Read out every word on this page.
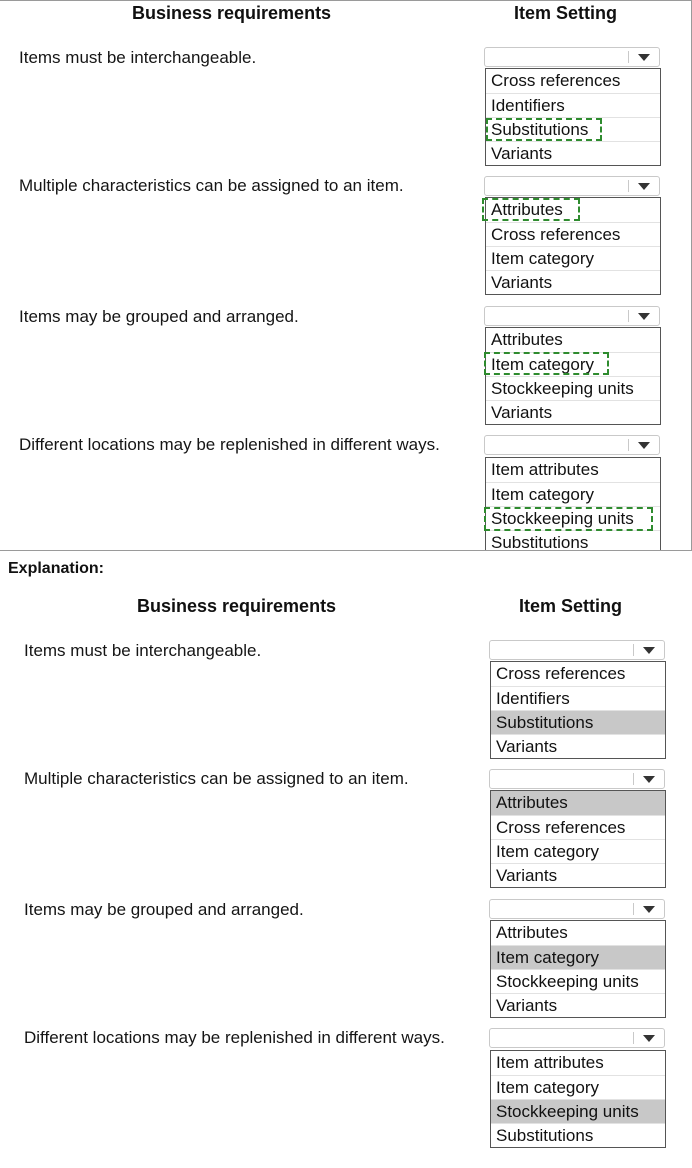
Business requirements	Item Setting
Items must be interchangeable.
Cross references
Identifiers
Substitutions
Variants
Multiple characteristics can be assigned to an item.
Attributes
Cross references
Item category
Variants
Items may be grouped and arranged.
Attributes
Item category
Stockkeeping units
Variants
Different locations may be replenished in different ways.
Item attributes
Item category
Stockkeeping units
Substitutions
Explanation:
Business requirements	Item Setting
Items must be interchangeable.
Cross references
Identifiers
Substitutions
Variants
Multiple characteristics can be assigned to an item.
Attributes
Cross references
Item category
Variants
Items may be grouped and arranged.
Attributes
Item category
Stockkeeping units
Variants
Different locations may be replenished in different ways.
Item attributes
Item category
Stockkeeping units
Substitutions
